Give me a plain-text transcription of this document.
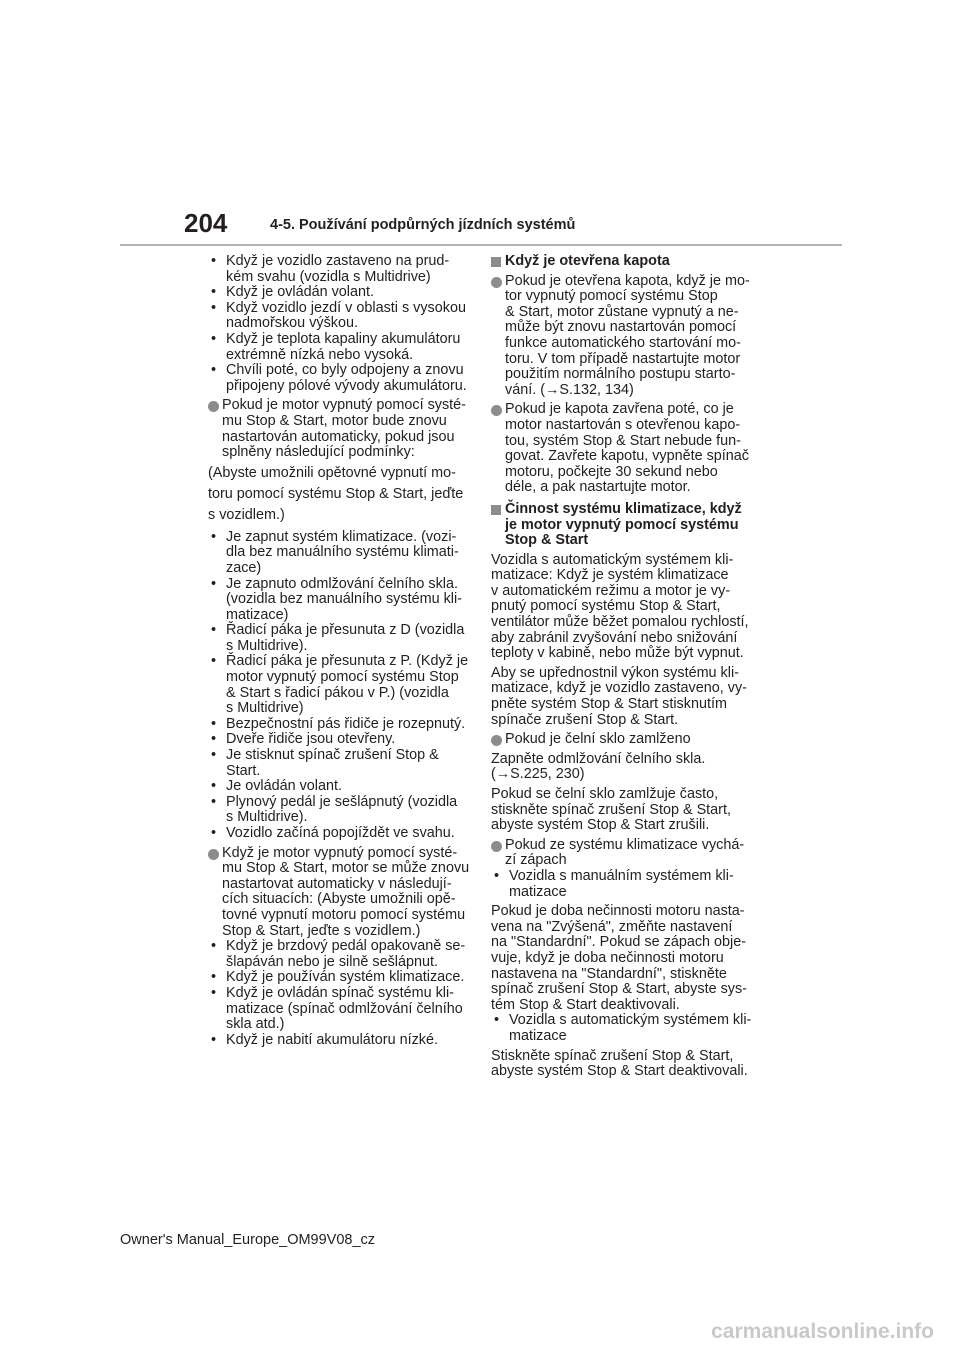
204	4-5. Používání podpůrných jízdních systémů
• Když je vozidlo zastaveno na prud-
kém svahu (vozidla s Multidrive)
• Když je ovládán volant.
• Když vozidlo jezdí v oblasti s vysokou
nadmořskou výškou.
• Když je teplota kapaliny akumulátoru
extrémně nízká nebo vysoká.
• Chvíli poté, co byly odpojeny a znovu
připojeny pólové vývody akumulátoru.
Pokud je motor vypnutý pomocí systé-
mu Stop & Start, motor bude znovu
nastartován automaticky, pokud jsou
splněny následující podmínky:
(Abyste umožnili opětovné vypnutí mo-
toru pomocí systému Stop & Start, jeďte
s vozidlem.)
• Je zapnut systém klimatizace. (vozi-
dla bez manuálního systému klimati-
zace)
• Je zapnuto odmlžování čelního skla.
(vozidla bez manuálního systému kli-
matizace)
• Řadicí páka je přesunuta z D (vozidla
s Multidrive).
• Řadicí páka je přesunuta z P. (Když je
motor vypnutý pomocí systému Stop
& Start s řadicí pákou v P.) (vozidla
s Multidrive)
• Bezpečnostní pás řidiče je rozepnutý.
• Dveře řidiče jsou otevřeny.
• Je stisknut spínač zrušení Stop & Start.
• Je ovládán volant.
• Plynový pedál je sešlápnutý (vozidla
s Multidrive).
• Vozidlo začíná popojíždět ve svahu.
Když je motor vypnutý pomocí systé-
mu Stop & Start, motor se může znovu
nastartovat automaticky v následují-
cích situacích: (Abyste umožnili opě-
tovné vypnutí motoru pomocí systému
Stop & Start, jeďte s vozidlem.)
• Když je brzdový pedál opakovaně se-
šlapáván nebo je silně sešlápnut.
• Když je používán systém klimatizace.
• Když je ovládán spínač systému kli-
matizace (spínač odmlžování čelního
skla atd.)
• Když je nabití akumulátoru nízké.
Když je otevřena kapota
Pokud je otevřena kapota, když je mo-
tor vypnutý pomocí systému Stop
& Start, motor zůstane vypnutý a ne-
může být znovu nastartován pomocí
funkce automatického startování mo-
toru. V tom případě nastartujte motor
použitím normálního postupu starto-
vání. (→S.132, 134)
Pokud je kapota zavřena poté, co je
motor nastartován s otevřenou kapo-
tou, systém Stop & Start nebude fun-
govat. Zavřete kapotu, vypněte spínač
motoru, počkejte 30 sekund nebo
déle, a pak nastartujte motor.
Činnost systému klimatizace, když
je motor vypnutý pomocí systému
Stop & Start
Vozidla s automatickým systémem kli-
matizace: Když je systém klimatizace
v automatickém režimu a motor je vy-
pnutý pomocí systému Stop & Start,
ventilátor může běžet pomalou rychlostí,
aby zabránil zvyšování nebo snižování
teploty v kabině, nebo může být vypnut.
Aby se upřednostnil výkon systému kli-
matizace, když je vozidlo zastaveno, vy-
pněte systém Stop & Start stisknutím
spínače zrušení Stop & Start.
Pokud je čelní sklo zamlženo
Zapněte odmlžování čelního skla.
(→S.225, 230)
Pokud se čelní sklo zamlžuje často,
stiskněte spínač zrušení Stop & Start,
abyste systém Stop & Start zrušili.
Pokud ze systému klimatizace vychá-
zí zápach
• Vozidla s manuálním systémem kli-
matizace
Pokud je doba nečinnosti motoru nasta-
vena na "Zvýšená", změňte nastavení
na "Standardní". Pokud se zápach obje-
vuje, když je doba nečinnosti motoru
nastavena na "Standardní", stiskněte
spínač zrušení Stop & Start, abyste sys-
tém Stop & Start deaktivovali.
• Vozidla s automatickým systémem kli-
matizace
Stiskněte spínač zrušení Stop & Start,
abyste systém Stop & Start deaktivovali.
Owner's Manual_Europe_OM99V08_cz
carmanualsonline.info
